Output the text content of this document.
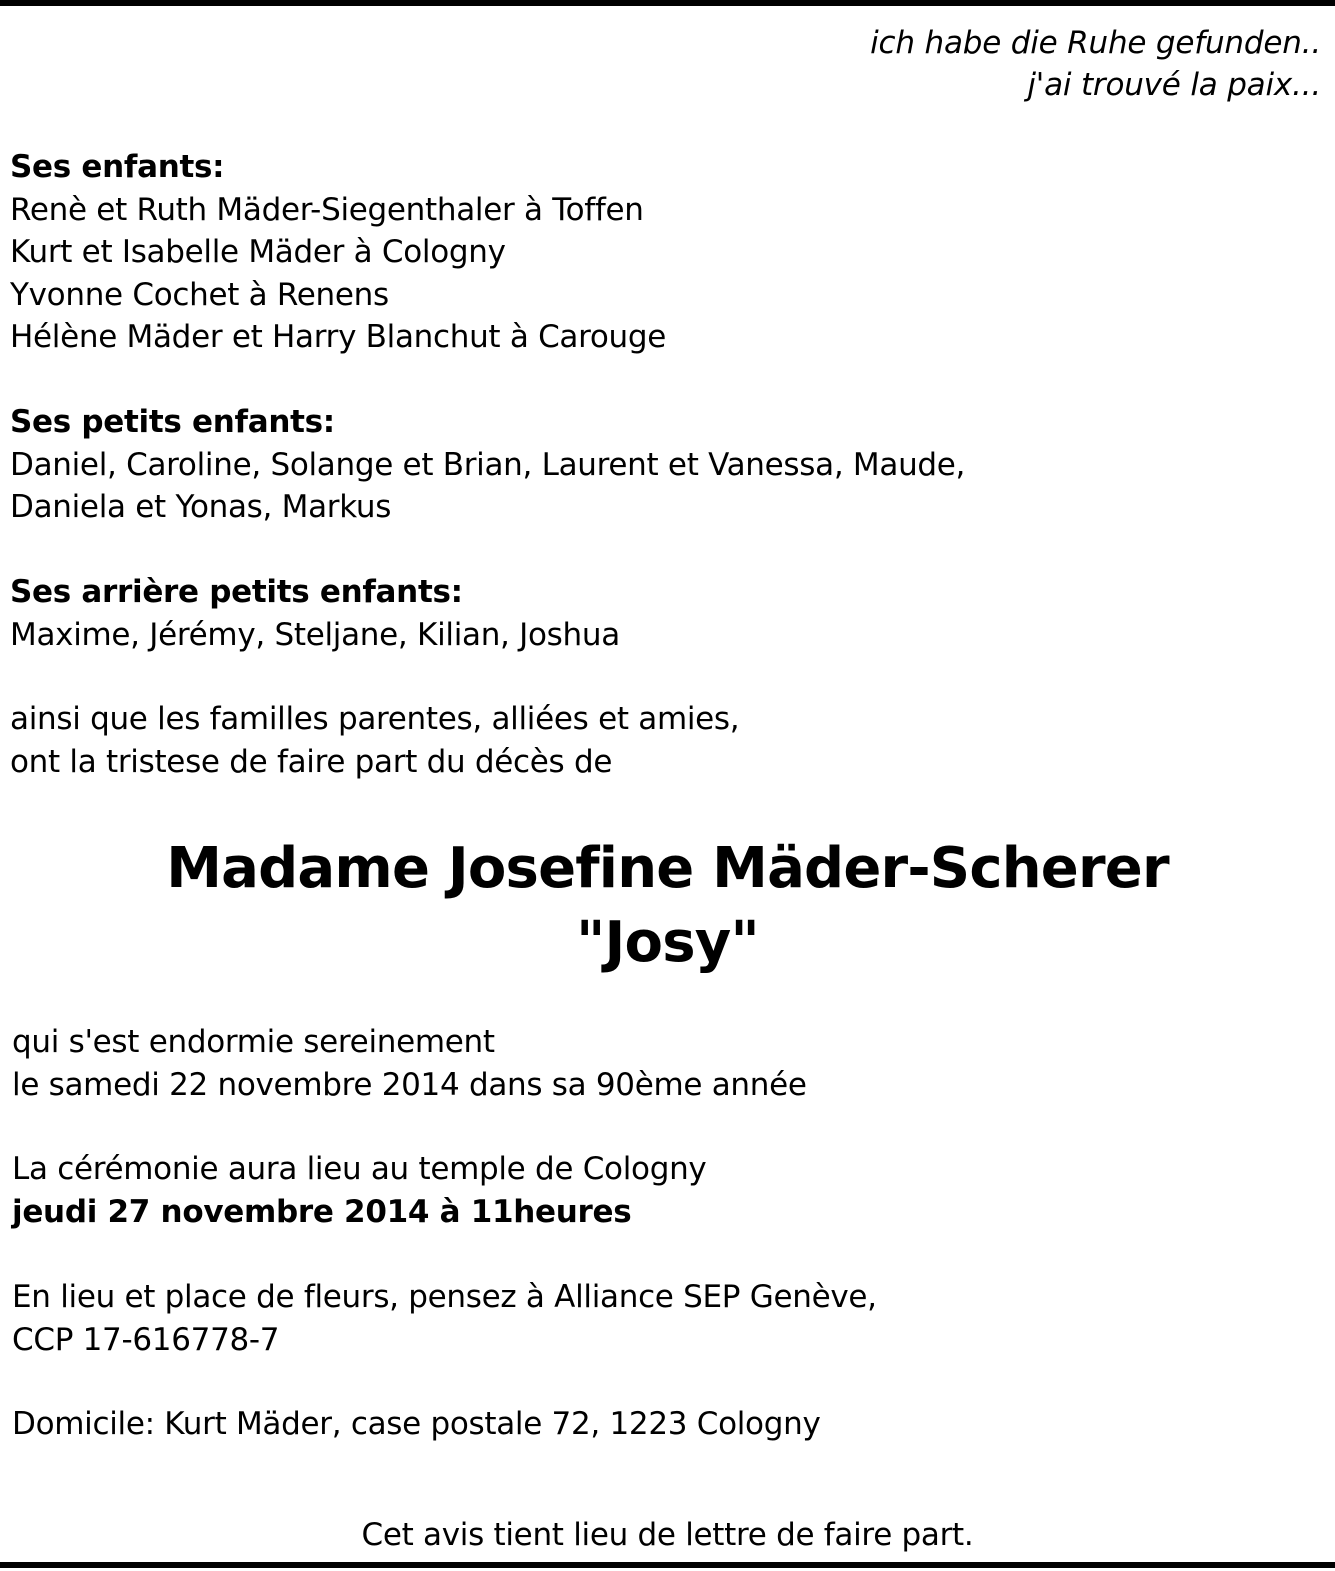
ich habe die Ruhe gefunden..
j'ai trouvé la paix...
Ses enfants:
Renè et Ruth Mäder-Siegenthaler à Toffen
Kurt et Isabelle Mäder à Cologny
Yvonne Cochet à Renens
Hélène Mäder et Harry Blanchut à Carouge
Ses petits enfants:
Daniel, Caroline, Solange et Brian, Laurent et Vanessa, Maude,
Daniela et Yonas, Markus
Ses arrière petits enfants:
Maxime, Jérémy, Steljane, Kilian, Joshua
ainsi que les familles parentes, alliées et amies,
ont la tristese de faire part du décès de
Madame Josefine Mäder-Scherer
"Josy"
qui s'est endormie sereinement
le samedi 22 novembre 2014 dans sa 90ème année
La cérémonie aura lieu au temple de Cologny
jeudi 27 novembre 2014 à 11heures
En lieu et place de fleurs, pensez à Alliance SEP Genève,
CCP 17-616778-7
Domicile: Kurt Mäder, case postale 72, 1223 Cologny
Cet avis tient lieu de lettre de faire part.
